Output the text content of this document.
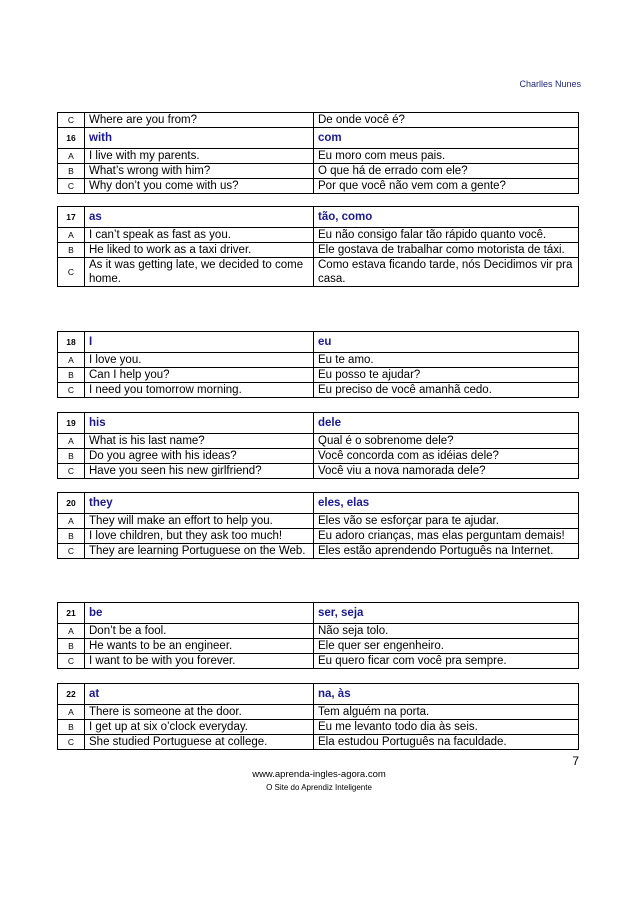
Charlles Nunes
C	Where are you from?	De onde você é?
16	with	com
A	I live with my parents.	Eu moro com meus pais.
B	What’s wrong with him?	O que há de errado com ele?
C	Why don’t you come with us?	Por que você não vem com a gente?
17	as	tão, como
A	I can’t speak as fast as you.	Eu não consigo falar tão rápido quanto você.
B	He liked to work as a taxi driver.	Ele gostava de trabalhar como motorista de táxi.
C	As it was getting late, we decided to come home.	Como estava ficando tarde, nós Decidimos vir pra casa.
18	I	eu
A	I love you.	Eu te amo.
B	Can I help you?	Eu posso te ajudar?
C	I need you tomorrow morning.	Eu preciso de você amanhã cedo.
19	his	dele
A	What is his last name?	Qual é o sobrenome dele?
B	Do you agree with his ideas?	Você concorda com as idéias dele?
C	Have you seen his new girlfriend?	Você viu a nova namorada dele?
20	they	eles, elas
A	They will make an effort to help you.	Eles vão se esforçar para te ajudar.
B	I love children, but they ask too much!	Eu adoro crianças, mas elas perguntam demais!
C	They are learning Portuguese on the Web.	Eles estão aprendendo Português na Internet.
21	be	ser, seja
A	Don’t be a fool.	Não seja tolo.
B	He wants to be an engineer.	Ele quer ser engenheiro.
C	I want to be with you forever.	Eu quero ficar com você pra sempre.
22	at	na, às
A	There is someone at the door.	Tem alguém na porta.
B	I get up at six o’clock everyday.	Eu me levanto todo dia às seis.
C	She studied Portuguese at college.	Ela estudou Português na faculdade.
7
www.aprenda-ingles-agora.com
O Site do Aprendiz Inteligente
